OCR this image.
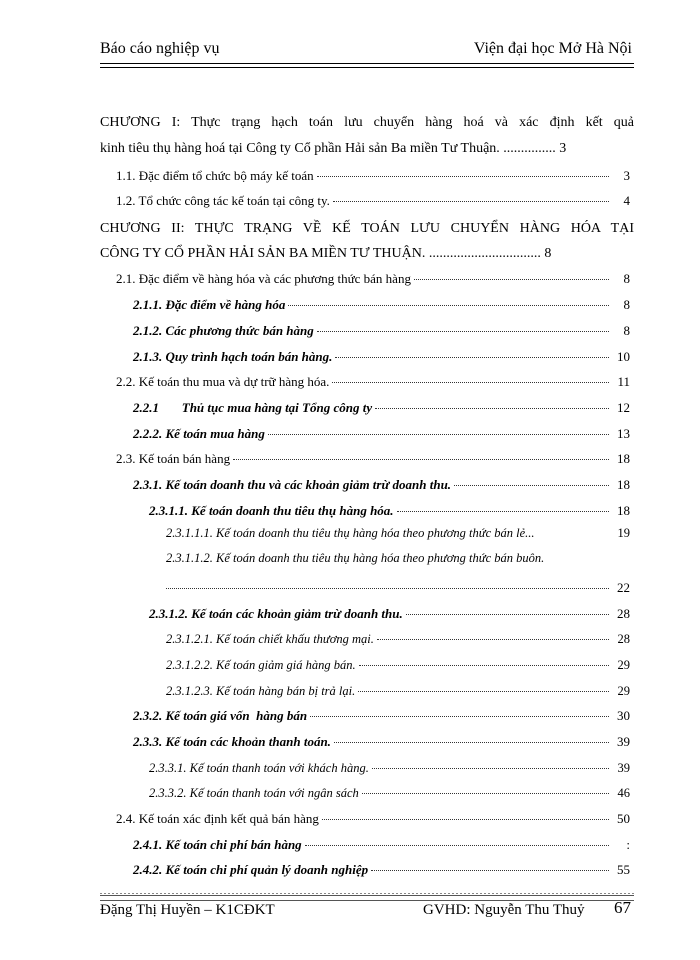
Báo cáo nghiệp vụ	Viện đại học Mở Hà Nội
CHƯƠNG I: Thực trạng hạch toán lưu chuyển hàng hoá và xác định kết quả
kinh tiêu thụ hàng hoá tại Công ty Cổ phần Hải sản Ba miền Tư Thuận. ............... 3
1.1. Đặc điểm tổ chức bộ máy kế toán	3
1.2. Tổ chức công tác kế toán tại công ty.	4
CHƯƠNG II: THỰC TRẠNG VỀ KẾ TOÁN LƯU CHUYỂN HÀNG HÓA TẠI
CÔNG TY CỔ PHẦN HẢI SẢN BA MIỀN TƯ THUẬN. ................................ 8
2.1. Đặc điểm về hàng hóa và các phương thức bán hàng	8
2.1.1. Đặc điểm về hàng hóa	8
2.1.2. Các phương thức bán hàng	8
2.1.3. Quy trình hạch toán bán hàng.	10
2.2. Kế toán thu mua và dự trữ hàng hóa.	11
2.2.1       Thủ tục mua hàng tại Tổng công ty	12
2.2.2. Kế toán mua hàng	13
2.3. Kế toán bán hàng	18
2.3.1. Kế toán doanh thu và các khoản giảm trừ doanh thu.	18
2.3.1.1. Kế toán doanh thu tiêu thụ hàng hóa.	18
2.3.1.1.1. Kế toán doanh thu tiêu thụ hàng hóa theo phương thức bán lẻ...	19
2.3.1.1.2. Kế toán doanh thu tiêu thụ hàng hóa theo phương thức bán buôn.
22
2.3.1.2. Kế toán các khoản giảm trừ doanh thu.	28
2.3.1.2.1. Kế toán chiết khấu thương mại.	28
2.3.1.2.2. Kế toán giảm giá hàng bán.	29
2.3.1.2.3. Kế toán hàng bán bị trả lại.	29
2.3.2. Kế toán giá vốn  hàng bán	30
2.3.3. Kế toán các khoản thanh toán.	39
2.3.3.1. Kế toán thanh toán với khách hàng.	39
2.3.3.2. Kế toán thanh toán với ngân sách	46
2.4. Kế toán xác định kết quả bán hàng	50
2.4.1. Kế toán chi phí bán hàng	:
2.4.2. Kế toán chi phí quản lý doanh nghiệp	55
Đặng Thị Huyền – K1CĐKT	GVHD: Nguyễn Thu Thuỷ 67
